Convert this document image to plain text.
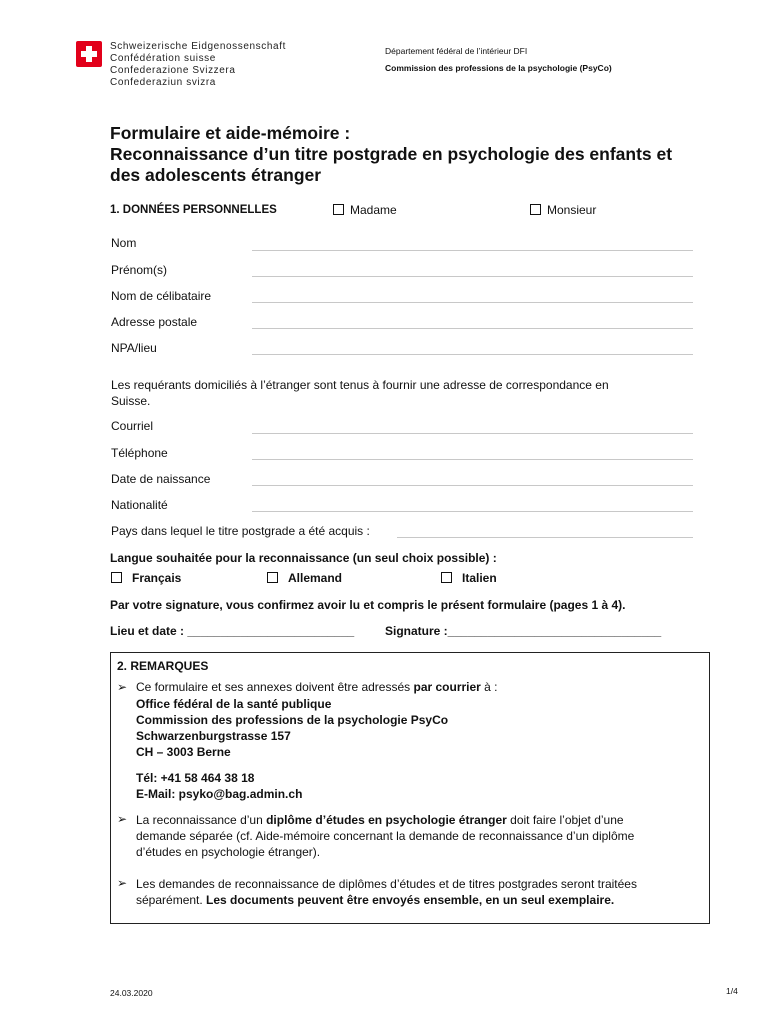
Schweizerische Eidgenossenschaft
Confédération suisse
Confederazione Svizzera
Confederaziun svizra
Département fédéral de l’intérieur DFI
Commission des professions de la psychologie (PsyCo)
Formulaire et aide-mémoire :
Reconnaissance d’un titre postgrade en psychologie des enfants et
des adolescents étranger
1. DONNÉES PERSONNELLES	Madame	Monsieur
Nom
Prénom(s)
Nom de célibataire
Adresse postale
NPA/lieu
Les requérants domiciliés à l’étranger sont tenus à fournir une adresse de correspondance en
Suisse.
Courriel
Téléphone
Date de naissance
Nationalité
Pays dans lequel le titre postgrade a été acquis :
Langue souhaitée pour la reconnaissance (un seul choix possible) :
Français	Allemand	Italien
Par votre signature, vous confirmez avoir lu et compris le présent formulaire (pages 1 à 4).
Lieu et date : _________________________	Signature :________________________________
2. REMARQUES
➢ Ce formulaire et ses annexes doivent être adressés par courrier à :
Office fédéral de la santé publique
Commission des professions de la psychologie PsyCo
Schwarzenburgstrasse 157
CH – 3003 Berne
Tél: +41 58 464 38 18
E-Mail: psyko@bag.admin.ch
➢ La reconnaissance d’un diplôme d’études en psychologie étranger doit faire l’objet d’une
demande séparée (cf. Aide-mémoire concernant la demande de reconnaissance d’un diplôme
d’études en psychologie étranger).
➢ Les demandes de reconnaissance de diplômes d’études et de titres postgrades seront traitées
séparément. Les documents peuvent être envoyés ensemble, en un seul exemplaire.
24.03.2020	1/4
